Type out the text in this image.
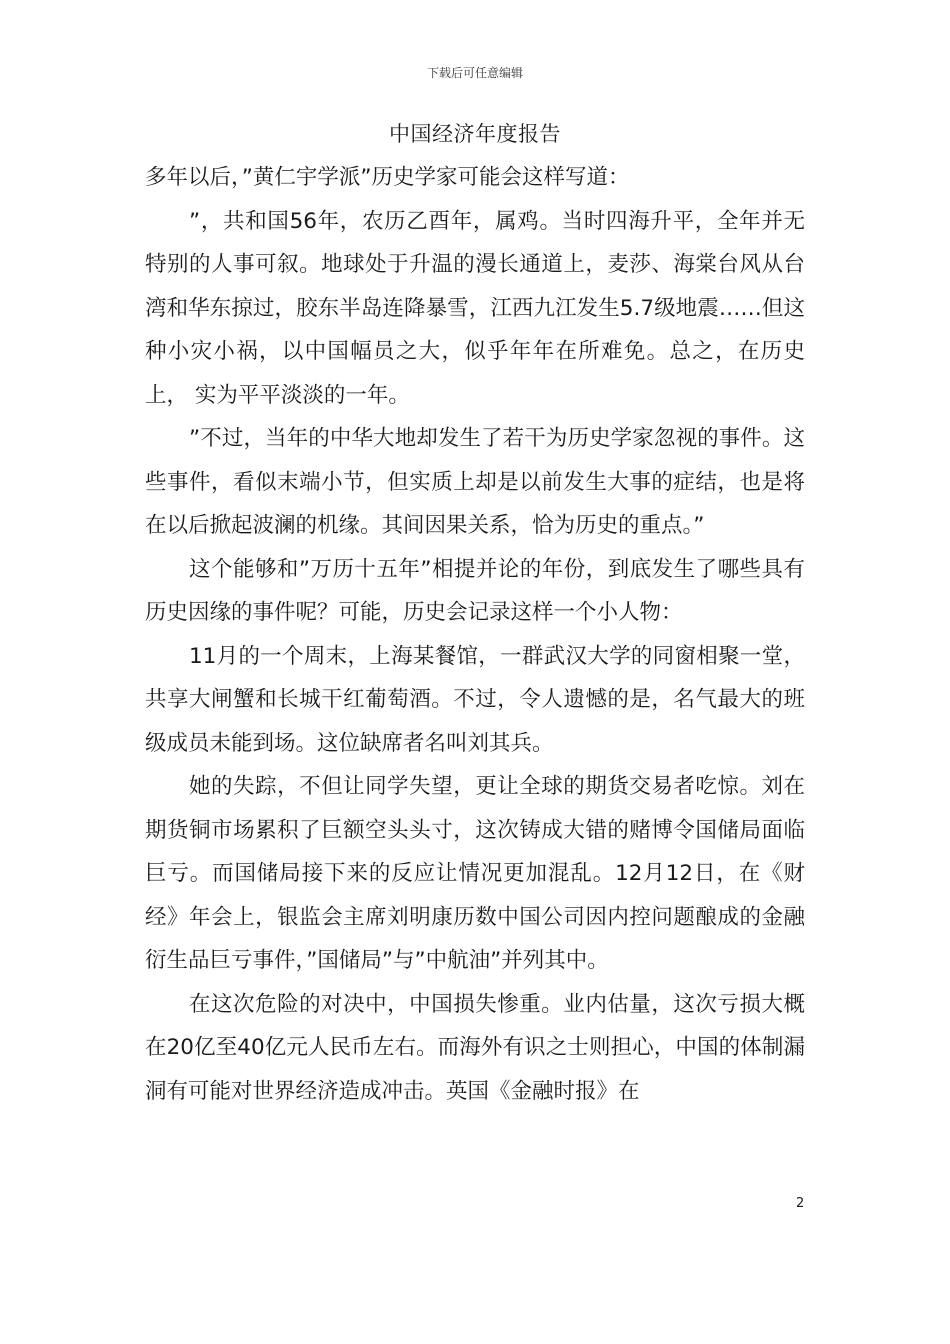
下载后可任意编辑
中国经济年度报告

多年以后，”黄仁宇学派”历史学家可能会这样写道：

”，共和国56年，农历乙酉年，属鸡。当时四海升平，全年并无特别的人事可叙。地球处于升温的漫长通道上，麦莎、海棠台风从台湾和华东掠过，胶东半岛连降暴雪，江西九江发生5.7级地震……但这种小灾小祸，以中国幅员之大，似乎年年在所难免。总之，在历史上， 实为平平淡淡的一年。

”不过，当年的中华大地却发生了若干为历史学家忽视的事件。这些事件，看似末端小节，但实质上却是以前发生大事的症结，也是将在以后掀起波澜的机缘。其间因果关系，恰为历史的重点。”

这个能够和”万历十五年”相提并论的年份，到底发生了哪些具有历史因缘的事件呢？可能，历史会记录这样一个小人物：

11月的一个周末，上海某餐馆，一群武汉大学的同窗相聚一堂，共享大闸蟹和长城干红葡萄酒。不过，令人遗憾的是，名气最大的班级成员未能到场。这位缺席者名叫刘其兵。

她的失踪，不但让同学失望，更让全球的期货交易者吃惊。刘在期货铜市场累积了巨额空头头寸，这次铸成大错的赌博令国储局面临巨亏。而国储局接下来的反应让情况更加混乱。12月12日，在《财经》年会上，银监会主席刘明康历数中国公司因内控问题酿成的金融衍生品巨亏事件，”国储局”与”中航油”并列其中。

在这次危险的对决中，中国损失惨重。业内估量，这次亏损大概在20亿至40亿元人民币左右。而海外有识之士则担心，中国的体制漏洞有可能对世界经济造成冲击。英国《金融时报》在

2
